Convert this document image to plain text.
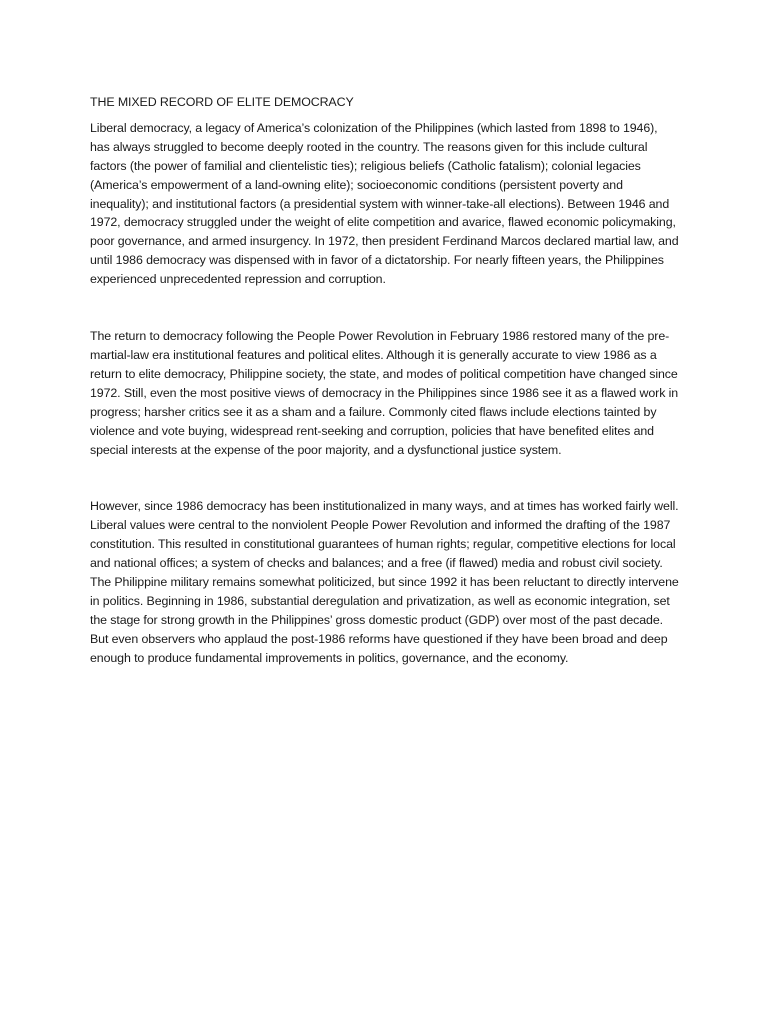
THE MIXED RECORD OF ELITE DEMOCRACY

Liberal democracy, a legacy of America’s colonization of the Philippines (which lasted from 1898 to 1946), has always struggled to become deeply rooted in the country. The reasons given for this include cultural factors (the power of familial and clientelistic ties); religious beliefs (Catholic fatalism); colonial legacies (America’s empowerment of a land-owning elite); socioeconomic conditions (persistent poverty and inequality); and institutional factors (a presidential system with winner-take-all elections). Between 1946 and 1972, democracy struggled under the weight of elite competition and avarice, flawed economic policymaking, poor governance, and armed insurgency. In 1972, then president Ferdinand Marcos declared martial law, and until 1986 democracy was dispensed with in favor of a dictatorship. For nearly fifteen years, the Philippines experienced unprecedented repression and corruption.

The return to democracy following the People Power Revolution in February 1986 restored many of the pre-martial-law era institutional features and political elites. Although it is generally accurate to view 1986 as a return to elite democracy, Philippine society, the state, and modes of political competition have changed since 1972. Still, even the most positive views of democracy in the Philippines since 1986 see it as a flawed work in progress; harsher critics see it as a sham and a failure. Commonly cited flaws include elections tainted by violence and vote buying, widespread rent-seeking and corruption, policies that have benefited elites and special interests at the expense of the poor majority, and a dysfunctional justice system.

However, since 1986 democracy has been institutionalized in many ways, and at times has worked fairly well. Liberal values were central to the nonviolent People Power Revolution and informed the drafting of the 1987 constitution. This resulted in constitutional guarantees of human rights; regular, competitive elections for local and national offices; a system of checks and balances; and a free (if flawed) media and robust civil society. The Philippine military remains somewhat politicized, but since 1992 it has been reluctant to directly intervene in politics. Beginning in 1986, substantial deregulation and privatization, as well as economic integration, set the stage for strong growth in the Philippines’ gross domestic product (GDP) over most of the past decade. But even observers who applaud the post-1986 reforms have questioned if they have been broad and deep enough to produce fundamental improvements in politics, governance, and the economy.
